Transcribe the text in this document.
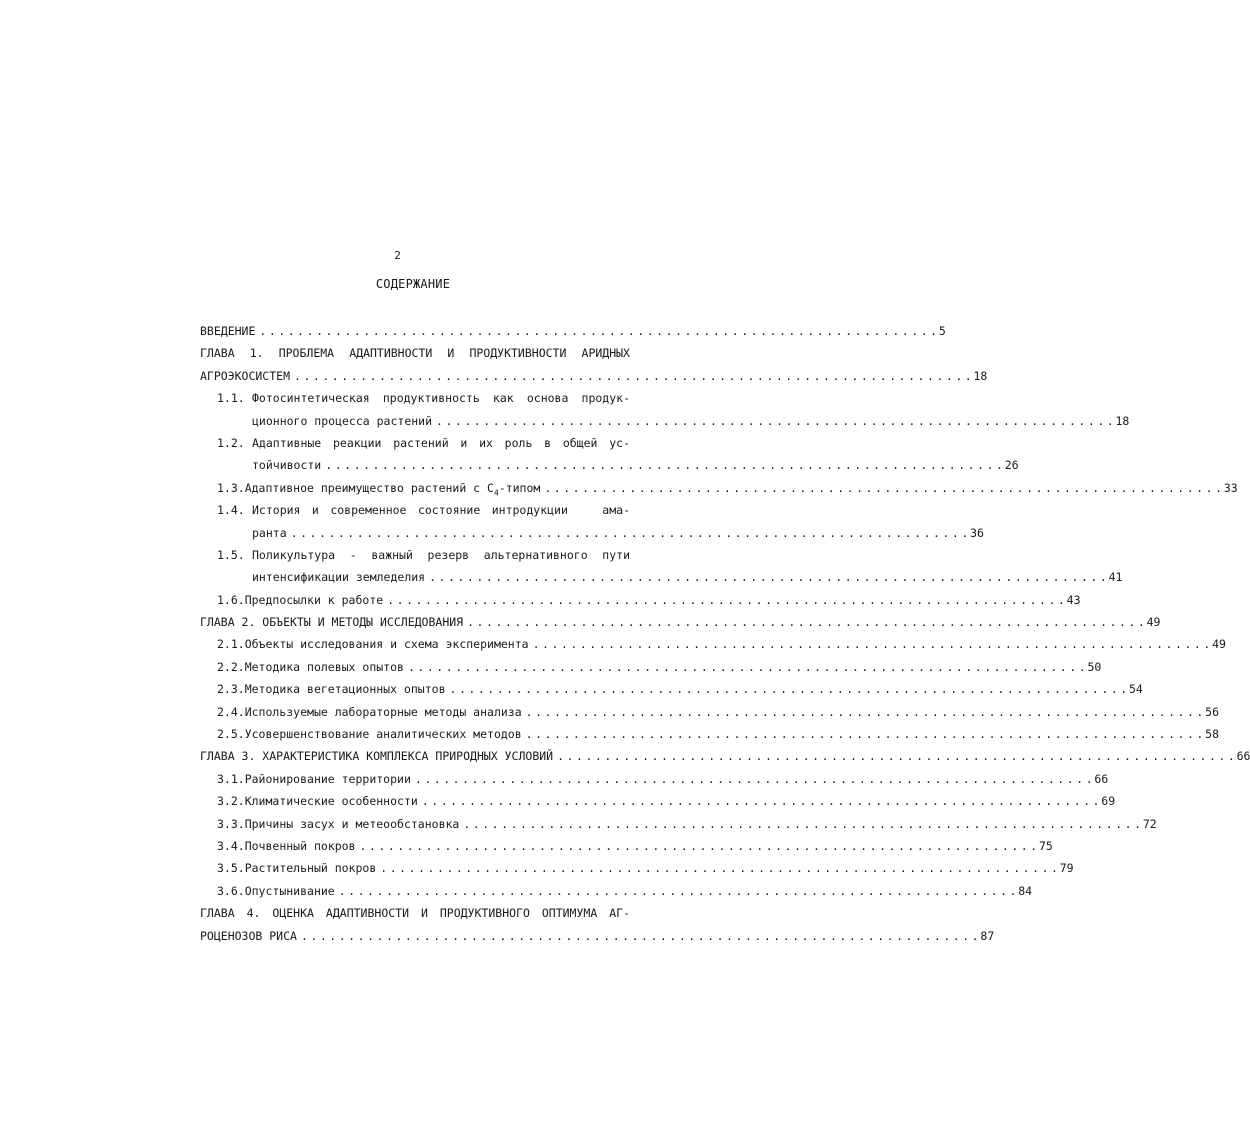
2
СОДЕРЖАНИЕ
ВВЕДЕНИЕ . . .	5
ГЛАВА 1. ПРОБЛЕМА АДАПТИВНОСТИ И ПРОДУКТИВНОСТИ АРИДНЫХ
АГРОЭКОСИСТЕМ . . .	18
1.1. Фотосинтетическая продуктивность как основа продук-
ционного процесса растений . . .	18
1.2. Адаптивные реакции растений и их роль в общей ус-
тойчивости . . .	26
1.3. Адаптивное преимущество растений с $С_4$-типом . . .	33
1.4. История и современное состояние интродукции   ама-
ранта . . .	36
1.5. Поликультура - важный резерв альтернативного пути
интенсификации земледелия . . .	41
1.6. Предпосылки к работе . . .	43
ГЛАВА 2. ОБЪЕКТЫ И МЕТОДЫ ИССЛЕДОВАНИЯ . . .	49
2.1. Объекты исследования и схема эксперимента . . .	49
2.2. Методика полевых опытов . . .	50
2.3. Методика вегетационных опытов . . .	54
2.4. Используемые лабораторные методы анализа . . .	56
2.5. Усовершенствование аналитических методов . . .	58
ГЛАВА 3. ХАРАКТЕРИСТИКА КОМПЛЕКСА ПРИРОДНЫХ УСЛОВИЙ . . .	66
3.1. Районирование территории . . .	66
3.2. Климатические особенности . . .	69
3.3. Причины засух и метеообстановка . . .	72
3.4. Почвенный покров . . .	75
3.5. Растительный покров . . .	79
3.6. Опустынивание . . .	84
ГЛАВА 4. ОЦЕНКА АДАПТИВНОСТИ И ПРОДУКТИВНОГО ОПТИМУМА АГ-
РОЦЕНОЗОВ РИСА . . .	87
